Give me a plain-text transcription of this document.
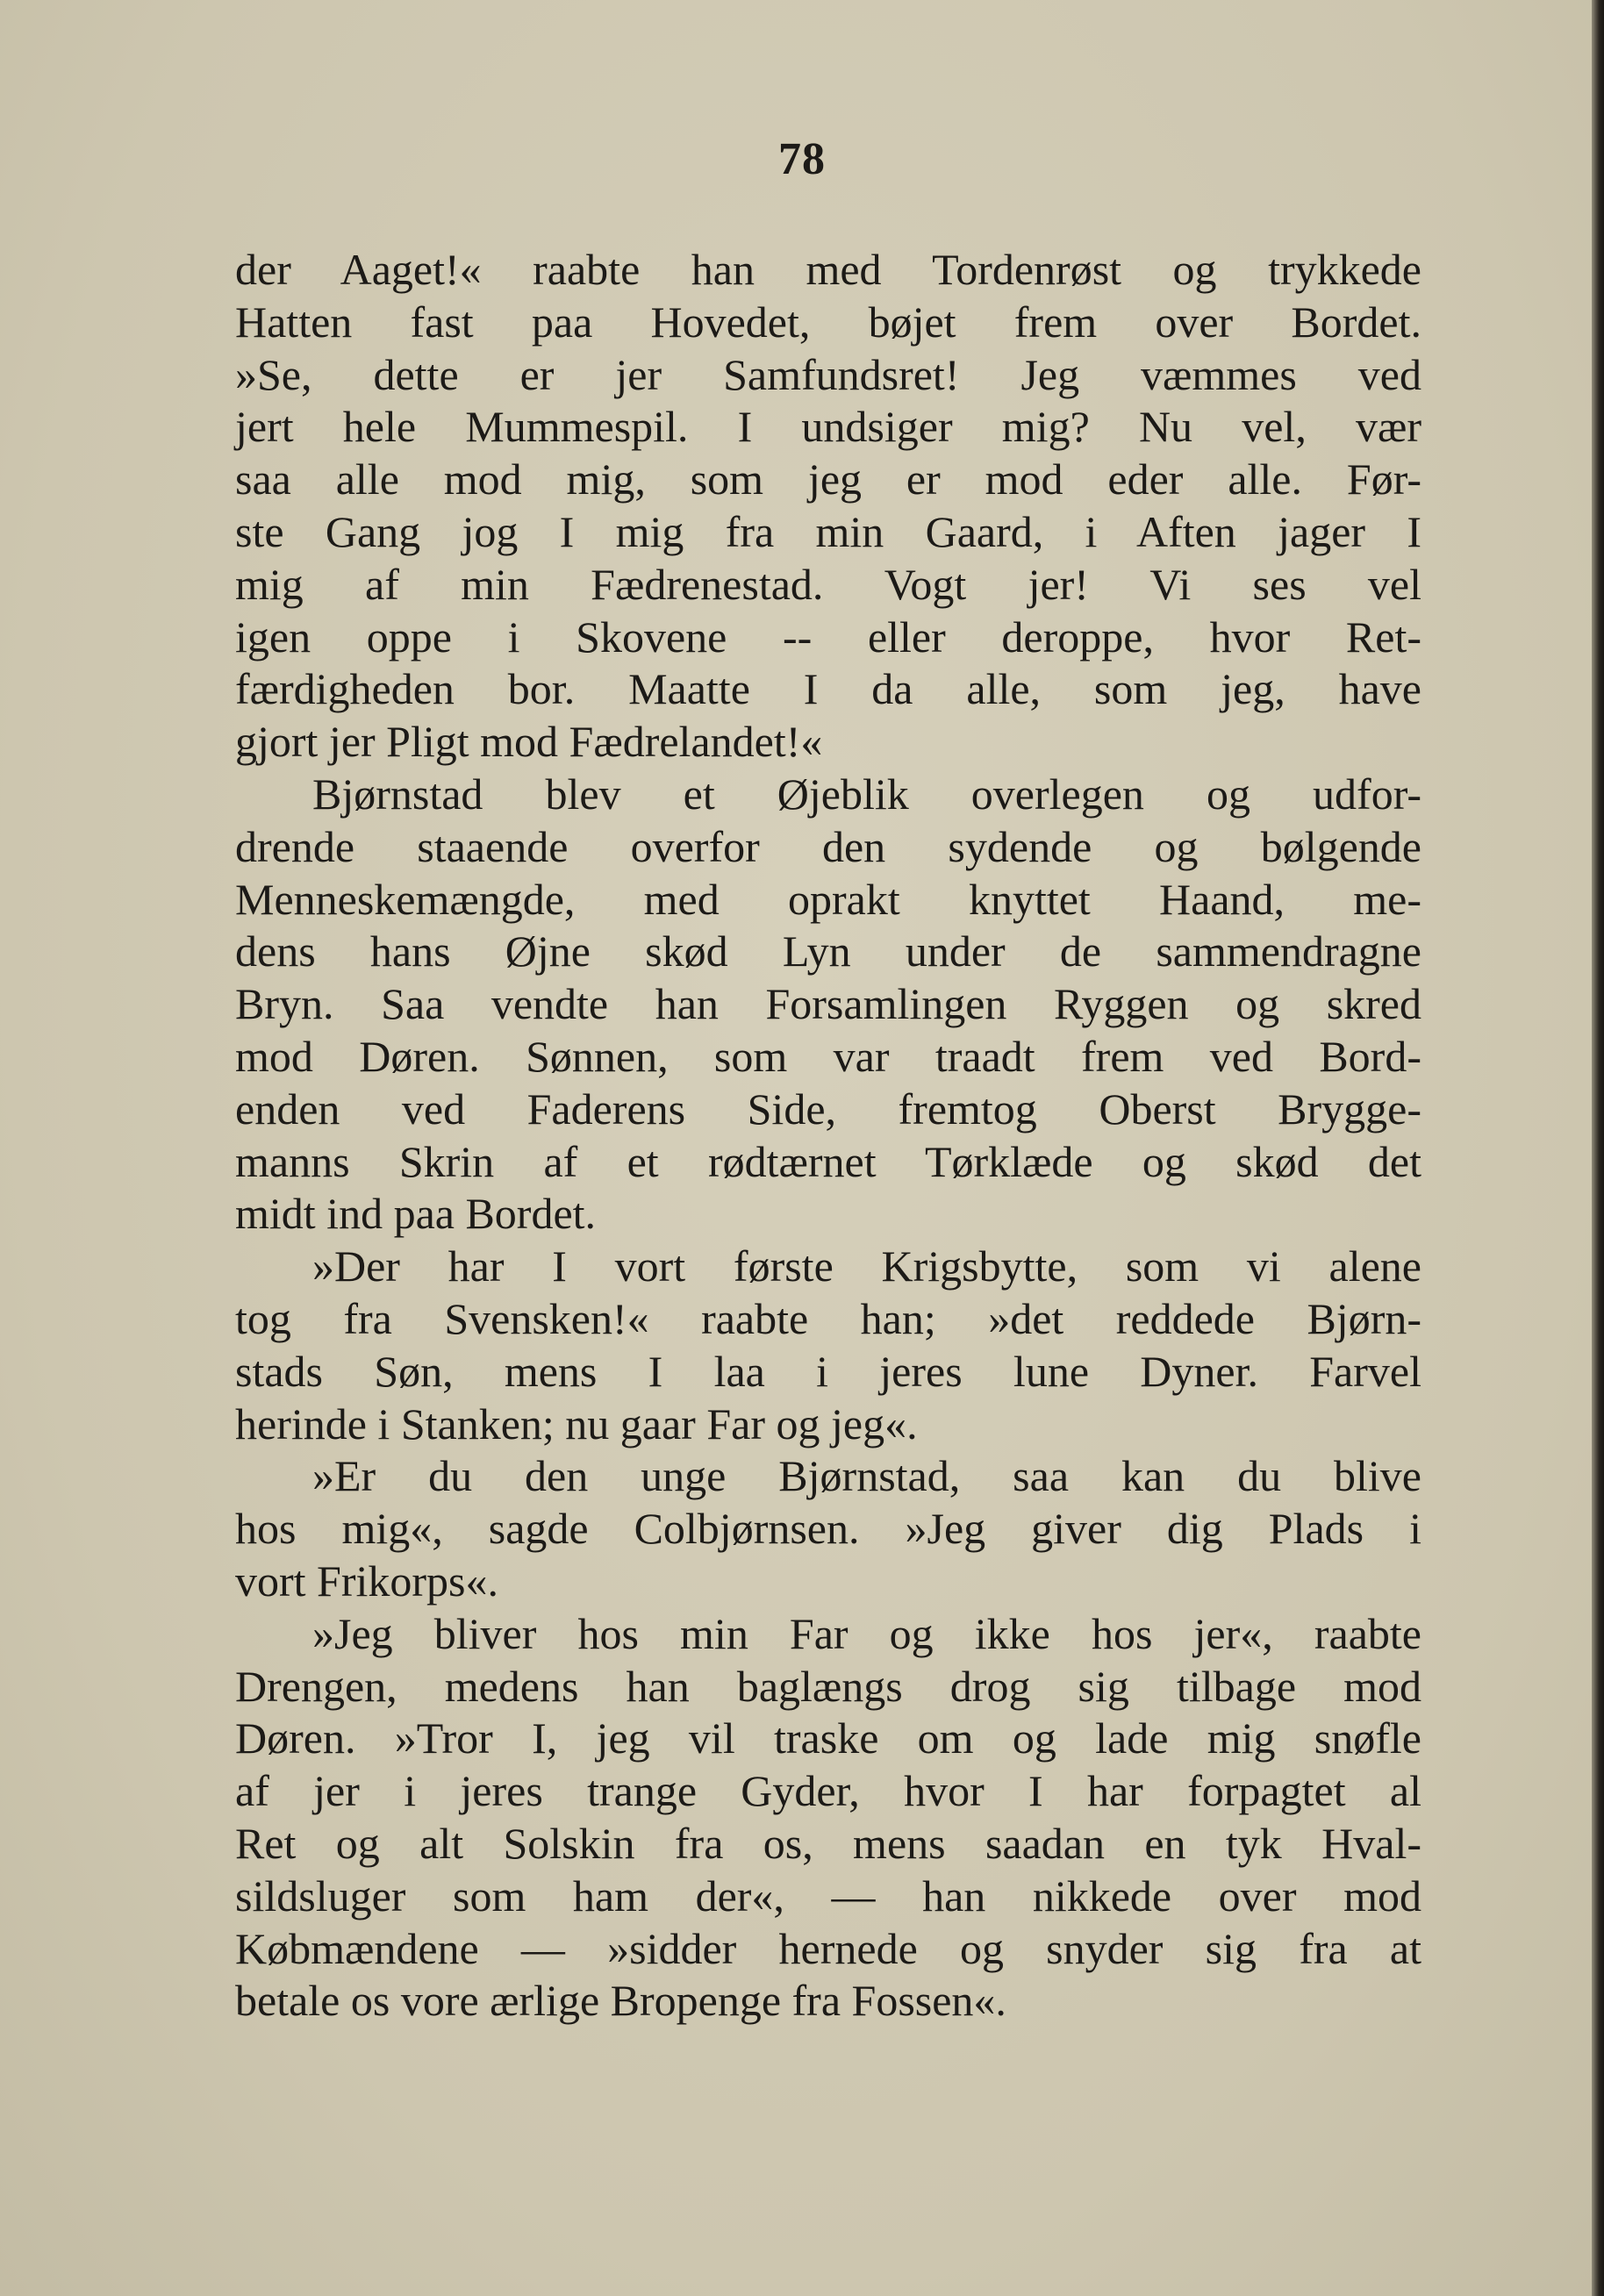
78
der Aaget!« raabte han med Tordenrøst og trykkede
Hatten fast paa Hovedet, bøjet frem over Bordet.
»Se, dette er jer Samfundsret! Jeg væmmes ved
jert hele Mummespil. I undsiger mig? Nu vel, vær
saa alle mod mig, som jeg er mod eder alle. Før-
ste Gang jog I mig fra min Gaard, i Aften jager I
mig af min Fædrenestad. Vogt jer! Vi ses vel
igen oppe i Skovene -- eller deroppe, hvor Ret-
færdigheden bor. Maatte I da alle, som jeg, have
gjort jer Pligt mod Fædrelandet!«
Bjørnstad blev et Øjeblik overlegen og udfor-
drende staaende overfor den sydende og bølgende
Menneskemængde, med oprakt knyttet Haand, me-
dens hans Øjne skød Lyn under de sammendragne
Bryn. Saa vendte han Forsamlingen Ryggen og skred
mod Døren. Sønnen, som var traadt frem ved Bord-
enden ved Faderens Side, fremtog Oberst Brygge-
manns Skrin af et rødtærnet Tørklæde og skød det
midt ind paa Bordet.
»Der har I vort første Krigsbytte, som vi alene
tog fra Svensken!« raabte han; »det reddede Bjørn-
stads Søn, mens I laa i jeres lune Dyner. Farvel
herinde i Stanken; nu gaar Far og jeg«.
»Er du den unge Bjørnstad, saa kan du blive
hos mig«, sagde Colbjørnsen. »Jeg giver dig Plads i
vort Frikorps«.
»Jeg bliver hos min Far og ikke hos jer«, raabte
Drengen, medens han baglængs drog sig tilbage mod
Døren. »Tror I, jeg vil traske om og lade mig snøfle
af jer i jeres trange Gyder, hvor I har forpagtet al
Ret og alt Solskin fra os, mens saadan en tyk Hval-
sildsluger som ham der«, — han nikkede over mod
Købmændene — »sidder hernede og snyder sig fra at
betale os vore ærlige Bropenge fra Fossen«.
